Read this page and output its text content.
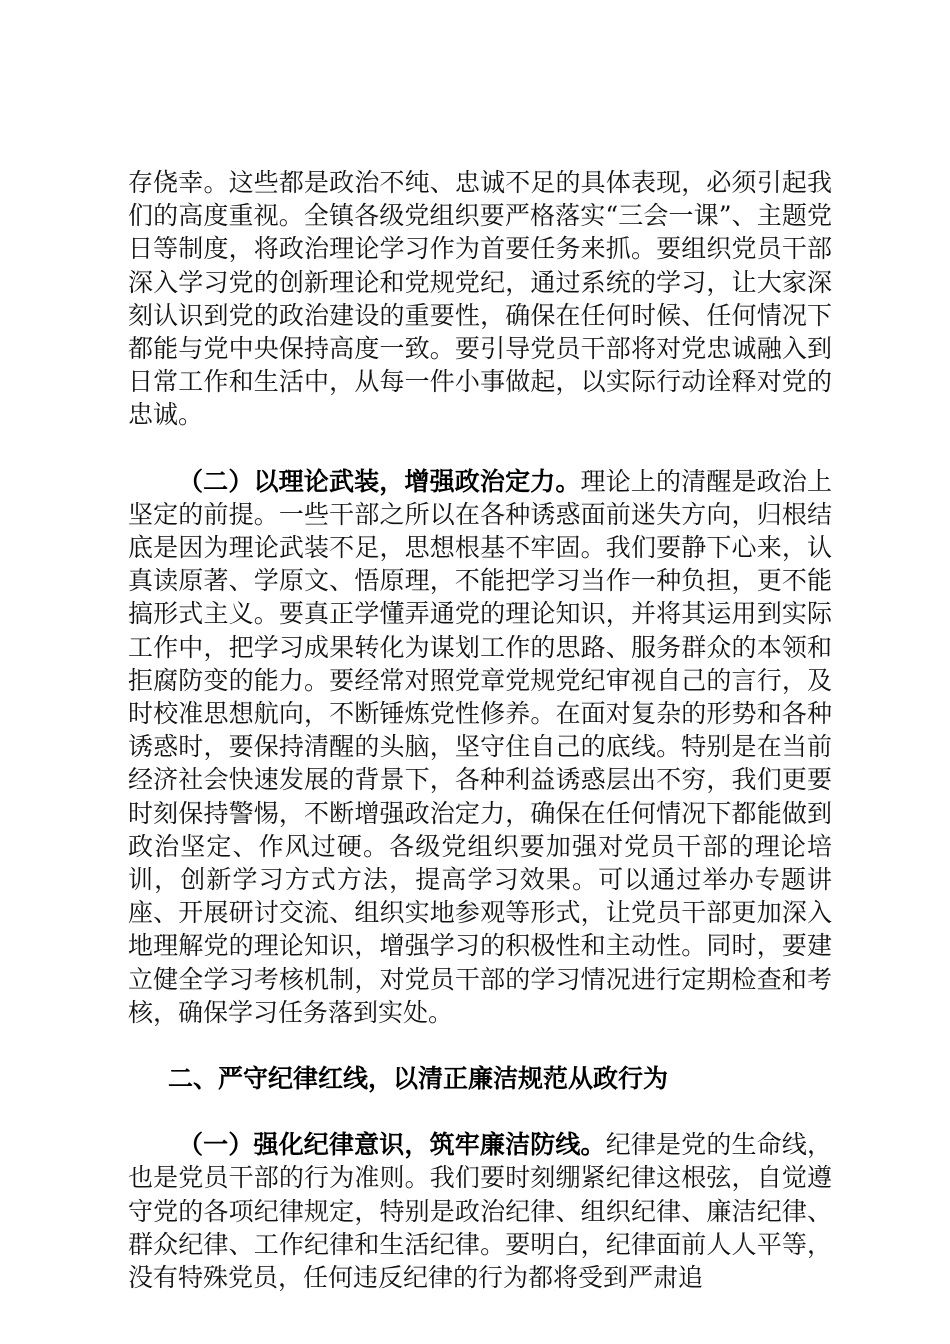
存侥幸。这些都是政治不纯、忠诚不足的具体表现，必须引起我们的高度重视。全镇各级党组织要严格落实“三会一课”、主题党日等制度，将政治理论学习作为首要任务来抓。要组织党员干部深入学习党的创新理论和党规党纪，通过系统的学习，让大家深刻认识到党的政治建设的重要性，确保在任何时候、任何情况下都能与党中央保持高度一致。要引导党员干部将对党忠诚融入到日常工作和生活中，从每一件小事做起，以实际行动诠释对党的忠诚。

（二）以理论武装，增强政治定力。理论上的清醒是政治上坚定的前提。一些干部之所以在各种诱惑面前迷失方向，归根结底是因为理论武装不足，思想根基不牢固。我们要静下心来，认真读原著、学原文、悟原理，不能把学习当作一种负担，更不能搞形式主义。要真正学懂弄通党的理论知识，并将其运用到实际工作中，把学习成果转化为谋划工作的思路、服务群众的本领和拒腐防变的能力。要经常对照党章党规党纪审视自己的言行，及时校准思想航向，不断锤炼党性修养。在面对复杂的形势和各种诱惑时，要保持清醒的头脑，坚守住自己的底线。特别是在当前经济社会快速发展的背景下，各种利益诱惑层出不穷，我们更要时刻保持警惕，不断增强政治定力，确保在任何情况下都能做到政治坚定、作风过硬。各级党组织要加强对党员干部的理论培训，创新学习方式方法，提高学习效果。可以通过举办专题讲座、开展研讨交流、组织实地参观等形式，让党员干部更加深入地理解党的理论知识，增强学习的积极性和主动性。同时，要建立健全学习考核机制，对党员干部的学习情况进行定期检查和考核，确保学习任务落到实处。

二、严守纪律红线，以清正廉洁规范从政行为

（一）强化纪律意识，筑牢廉洁防线。纪律是党的生命线，也是党员干部的行为准则。我们要时刻绷紧纪律这根弦，自觉遵守党的各项纪律规定，特别是政治纪律、组织纪律、廉洁纪律、群众纪律、工作纪律和生活纪律。要明白，纪律面前人人平等，没有特殊党员，任何违反纪律的行为都将受到严肃追
